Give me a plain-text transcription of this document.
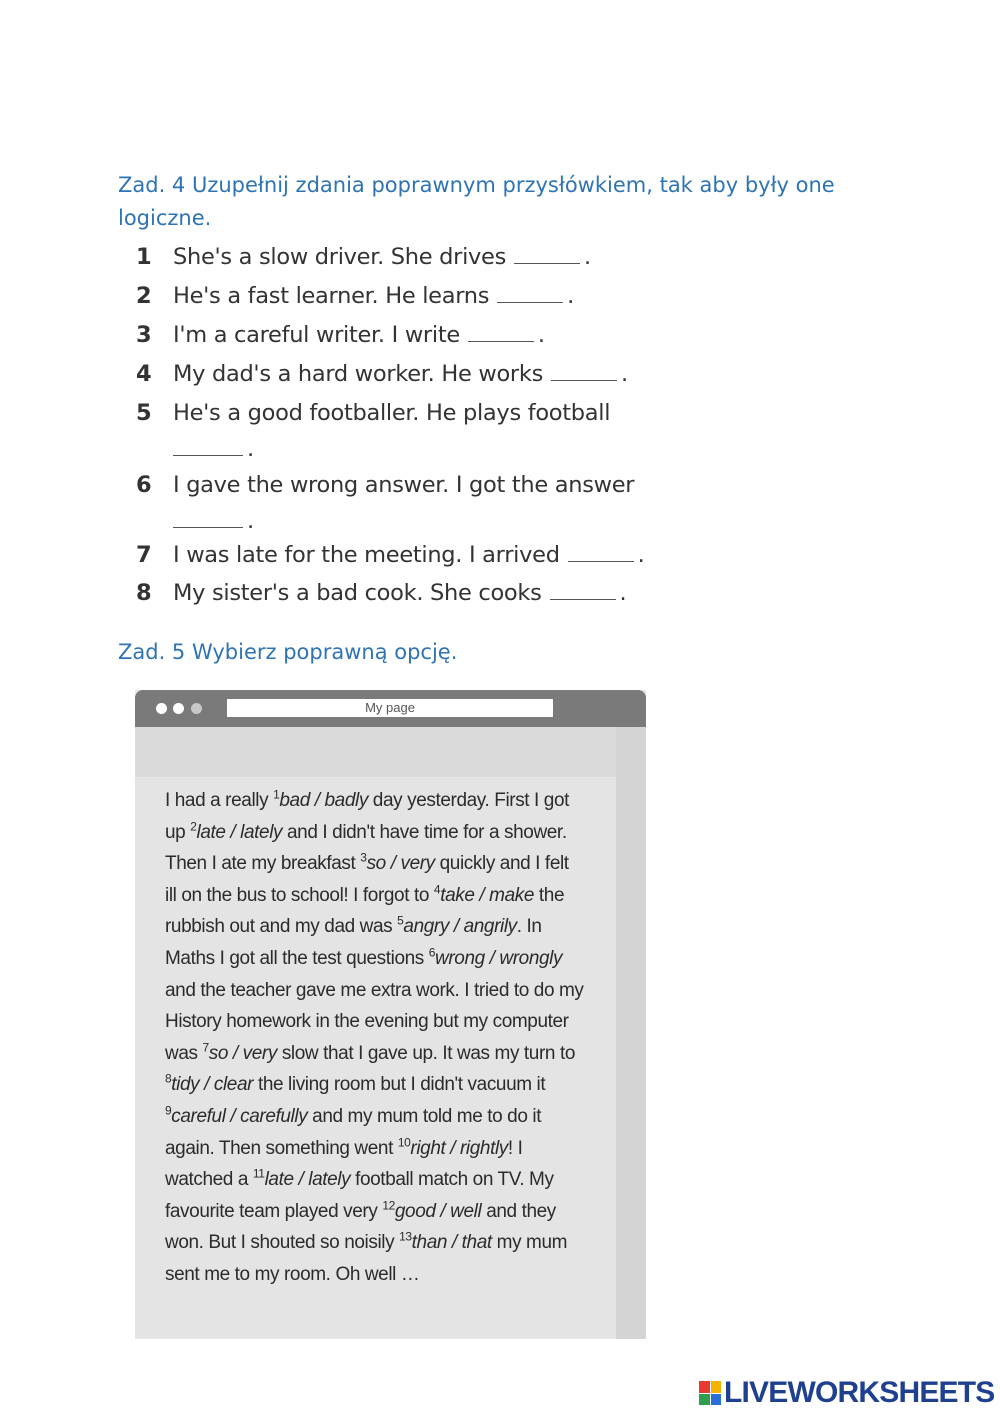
Zad. 4 Uzupełnij zdania poprawnym przysłówkiem, tak aby były one logiczne.
1 She's a slow driver. She drives	.
2 He's a fast learner. He learns	.
3 I'm a careful writer. I write	.
4 My dad's a hard worker. He works	.
5 He's a good footballer. He plays football
.
6 I gave the wrong answer. I got the answer
.
7 I was late for the meeting. I arrived	.
8 My sister's a bad cook. She cooks	.
Zad. 5 Wybierz poprawną opcję.
My page
I had a really $^1$bad / badly day yesterday. First I got up $^2$late / lately and I didn't have time for a shower. Then I ate my breakfast $^3$so / very quickly and I felt ill on the bus to school! I forgot to $^4$take / make the rubbish out and my dad was $^5$angry / angrily. In Maths I got all the test questions $^6$wrong / wrongly and the teacher gave me extra work. I tried to do my History homework in the evening but my computer was $^7$so / very slow that I gave up. It was my turn to $^8$tidy / clear the living room but I didn't vacuum it $^9$careful / carefully and my mum told me to do it again. Then something went $^{10}$right / rightly! I watched a $^{11}$late / lately football match on TV. My favourite team played very $^{12}$good / well and they won. But I shouted so noisily $^{13}$than / that my mum sent me to my room. Oh well …
LIVEWORKSHEETS
